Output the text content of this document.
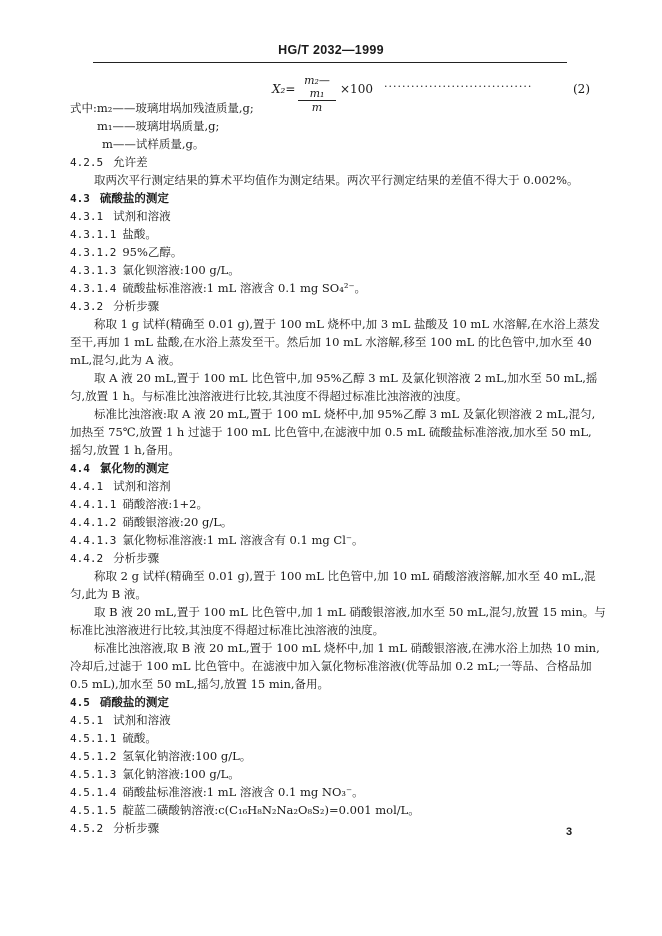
HG/T 2032—1999
$X_2= \frac{\text{m₂—m₁}}{m} \times 100$ ·································	(2)
式中:m₂——玻璃坩埚加残渣质量,g;
m₁——玻璃坩埚质量,g;
m——试样质量,g。
4.2.5 允许差
取两次平行测定结果的算术平均值作为测定结果。两次平行测定结果的差值不得大于 0.002%。
4.3 硫酸盐的测定
4.3.1 试剂和溶液
4.3.1.1 盐酸。
4.3.1.2 95%乙醇。
4.3.1.3 氯化钡溶液:100 g/L。
4.3.1.4 硫酸盐标准溶液:1 mL 溶液含 0.1 mg SO₄²⁻。
4.3.2 分析步骤
称取 1 g 试样(精确至 0.01 g),置于 100 mL 烧杯中,加 3 mL 盐酸及 10 mL 水溶解,在水浴上蒸发
至干,再加 1 mL 盐酸,在水浴上蒸发至干。然后加 10 mL 水溶解,移至 100 mL 的比色管中,加水至 40
mL,混匀,此为 A 液。
取 A 液 20 mL,置于 100 mL 比色管中,加 95%乙醇 3 mL 及氯化钡溶液 2 mL,加水至 50 mL,摇
匀,放置 1 h。与标准比浊溶液进行比较,其浊度不得超过标准比浊溶液的浊度。
标准比浊溶液:取 A 液 20 mL,置于 100 mL 烧杯中,加 95%乙醇 3 mL 及氯化钡溶液 2 mL,混匀,
加热至 75℃,放置 1 h 过滤于 100 mL 比色管中,在滤液中加 0.5 mL 硫酸盐标准溶液,加水至 50 mL,
摇匀,放置 1 h,备用。
4.4 氯化物的测定
4.4.1 试剂和溶剂
4.4.1.1 硝酸溶液:1+2。
4.4.1.2 硝酸银溶液:20 g/L。
4.4.1.3 氯化物标准溶液:1 mL 溶液含有 0.1 mg Cl⁻。
4.4.2 分析步骤
称取 2 g 试样(精确至 0.01 g),置于 100 mL 比色管中,加 10 mL 硝酸溶液溶解,加水至 40 mL,混
匀,此为 B 液。
取 B 液 20 mL,置于 100 mL 比色管中,加 1 mL 硝酸银溶液,加水至 50 mL,混匀,放置 15 min。与
标准比浊溶液进行比较,其浊度不得超过标准比浊溶液的浊度。
标准比浊溶液,取 B 液 20 mL,置于 100 mL 烧杯中,加 1 mL 硝酸银溶液,在沸水浴上加热 10 min,
冷却后,过滤于 100 mL 比色管中。在滤液中加入氯化物标准溶液(优等品加 0.2 mL;一等品、合格品加
0.5 mL),加水至 50 mL,摇匀,放置 15 min,备用。
4.5 硝酸盐的测定
4.5.1 试剂和溶液
4.5.1.1 硫酸。
4.5.1.2 氢氧化钠溶液:100 g/L。
4.5.1.3 氯化钠溶液:100 g/L。
4.5.1.4 硝酸盐标准溶液:1 mL 溶液含 0.1 mg NO₃⁻。
4.5.1.5 靛蓝二磺酸钠溶液:c(C₁₆H₈N₂Na₂O₈S₂)=0.001 mol/L。
4.5.2 分析步骤	3
